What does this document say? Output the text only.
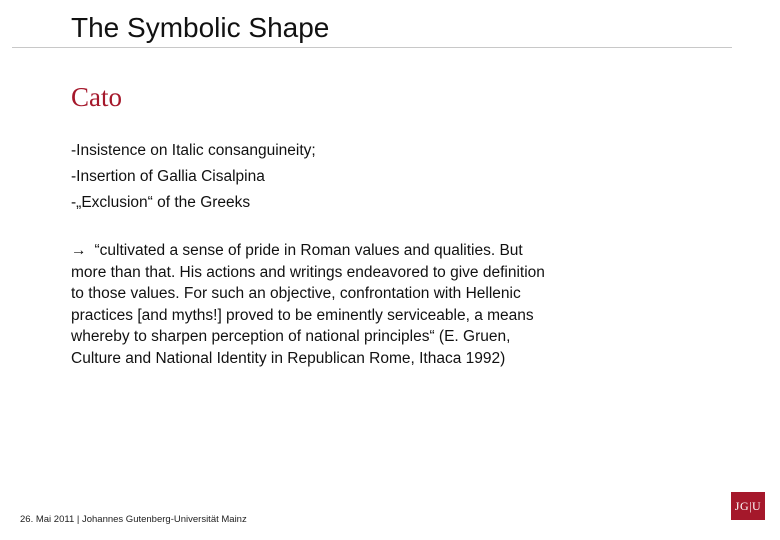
The Symbolic Shape
Cato
-Insistence on Italic consanguineity;
-Insertion of Gallia Cisalpina
-„Exclusion“ of the Greeks
→ “cultivated a sense of pride in Roman values and qualities. But
more than that. His actions and writings endeavored to give definition
to those values. For such an objective, confrontation with Hellenic
practices [and myths!] proved to be eminently serviceable, a means
whereby to sharpen perception of national principles“ (E. Gruen,
Culture and National Identity in Republican Rome, Ithaca 1992)
26. Mai 2011 | Johannes Gutenberg-Universität Mainz
JG|U
